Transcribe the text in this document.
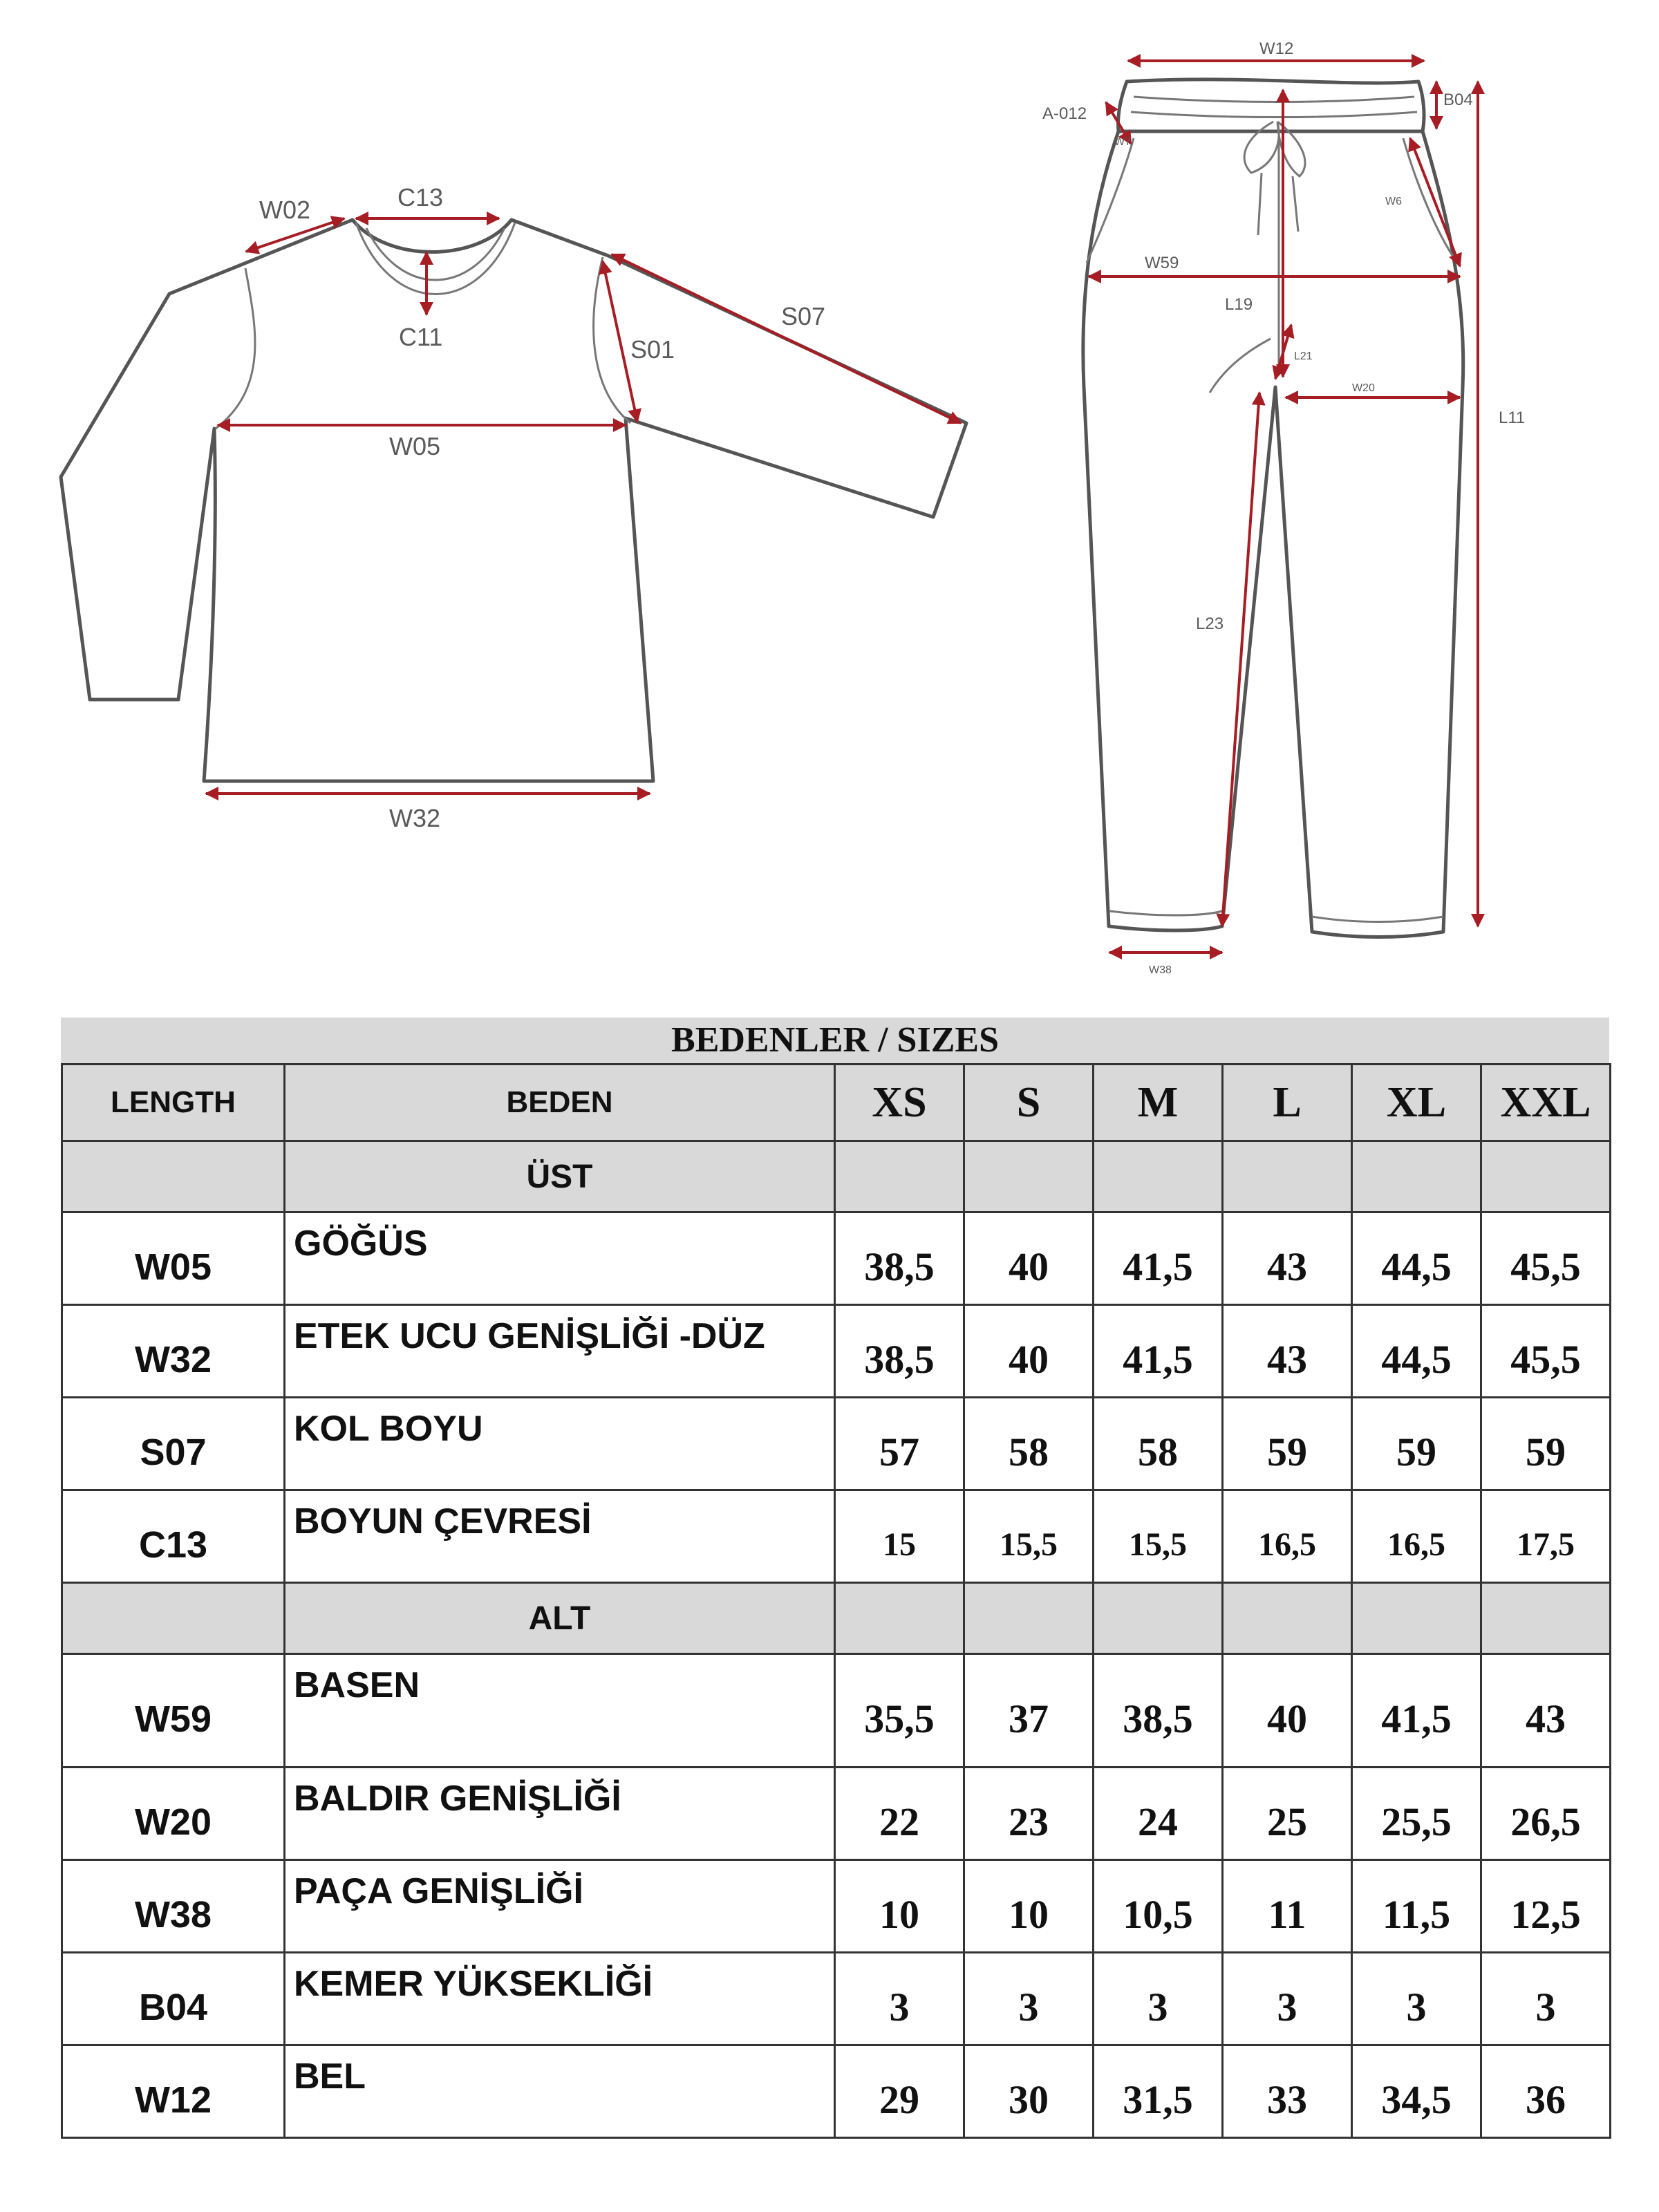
W02	C13
C11	S01
S07
W05
W32
W12
A-012
B04
W7
W6
W59
L19
L21
W20
L11
L23
W38
BEDENLER / SIZES
LENGTH	BEDEN	XS	S	M	L	XL	XXL
	ÜST						
W05	GÖĞÜS	38,5	40	41,5	43	44,5	45,5
W32	ETEK UCU GENİŞLİĞİ -DÜZ	38,5	40	41,5	43	44,5	45,5
S07	KOL BOYU	57	58	58	59	59	59
C13	BOYUN ÇEVRESİ	15	15,5	15,5	16,5	16,5	17,5
	ALT						
W59	BASEN	35,5	37	38,5	40	41,5	43
W20	BALDIR GENİŞLİĞİ	22	23	24	25	25,5	26,5
W38	PAÇA GENİŞLİĞİ	10	10	10,5	11	11,5	12,5
B04	KEMER YÜKSEKLİĞİ	3	3	3	3	3	3
W12	BEL	29	30	31,5	33	34,5	36
